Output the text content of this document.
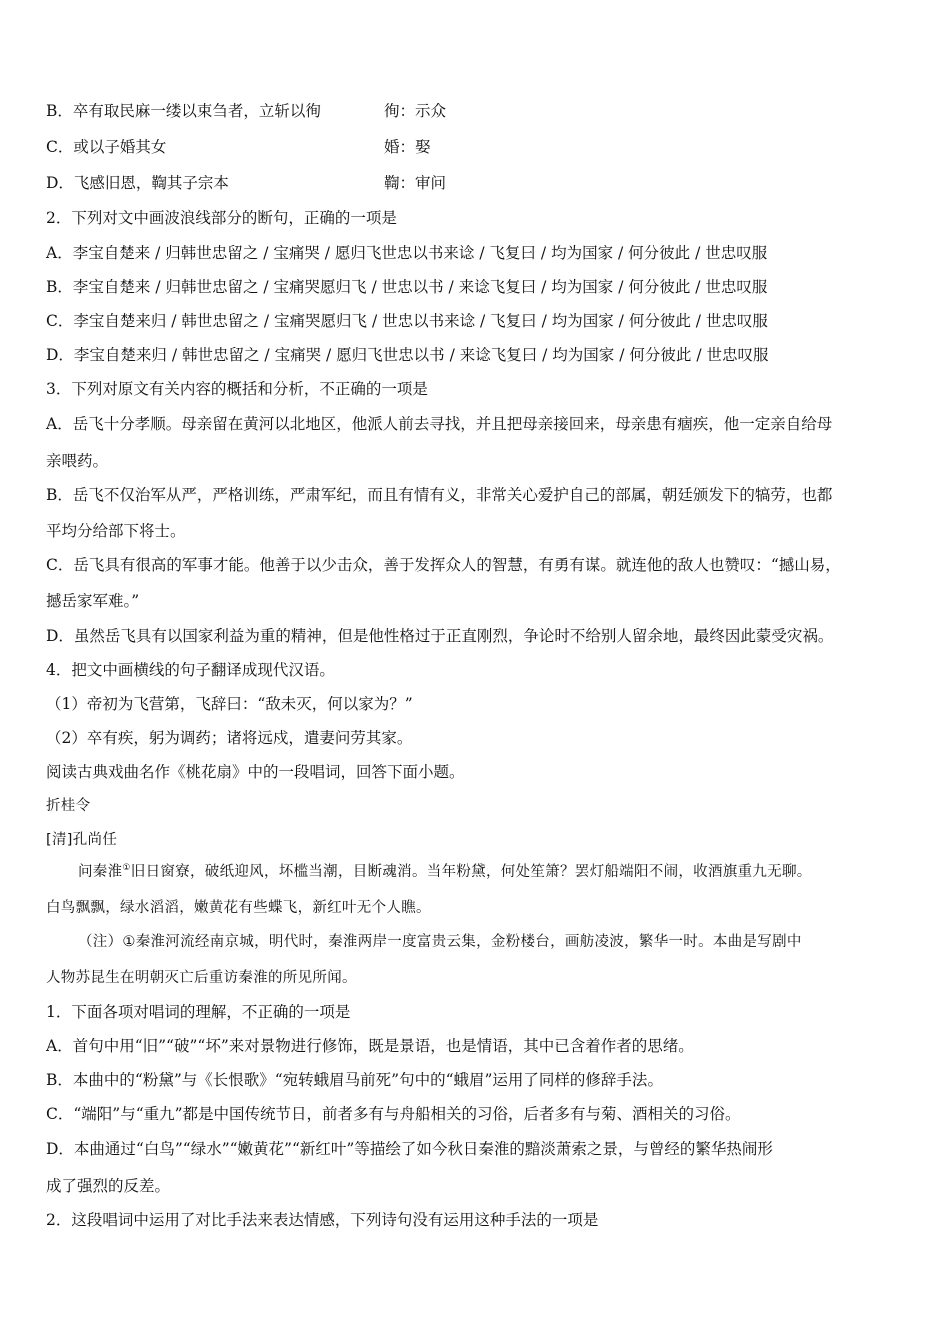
B．卒有取民麻一缕以束刍者，立斩以徇	徇：示众
C．或以子婚其女	婚：娶
D．飞感旧恩，鞫其子宗本	鞫：审问
2．下列对文中画波浪线部分的断句，正确的一项是
A．李宝自楚来 / 归韩世忠留之 / 宝痛哭 / 愿归飞世忠以书来谂 / 飞复曰 / 均为国家 / 何分彼此 / 世忠叹服
B．李宝自楚来 / 归韩世忠留之 / 宝痛哭愿归飞 / 世忠以书 / 来谂飞复曰 / 均为国家 / 何分彼此 / 世忠叹服
C．李宝自楚来归 / 韩世忠留之 / 宝痛哭愿归飞 / 世忠以书来谂 / 飞复曰 / 均为国家 / 何分彼此 / 世忠叹服
D．李宝自楚来归 / 韩世忠留之 / 宝痛哭 / 愿归飞世忠以书 / 来谂飞复曰 / 均为国家 / 何分彼此 / 世忠叹服
3．下列对原文有关内容的概括和分析，不正确的一项是
A．岳飞十分孝顺。母亲留在黄河以北地区，他派人前去寻找，并且把母亲接回来，母亲患有痼疾，他一定亲自给母
亲喂药。
B．岳飞不仅治军从严，严格训练，严肃军纪，而且有情有义，非常关心爱护自己的部属，朝廷颁发下的犒劳，也都
平均分给部下将士。
C．岳飞具有很高的军事才能。他善于以少击众，善于发挥众人的智慧，有勇有谋。就连他的敌人也赞叹：“撼山易，
撼岳家军难。”
D．虽然岳飞具有以国家利益为重的精神，但是他性格过于正直刚烈，争论时不给别人留余地，最终因此蒙受灾祸。
4．把文中画横线的句子翻译成现代汉语。
（1）帝初为飞营第，飞辞曰：“敌未灭，何以家为？”
（2）卒有疾，躬为调药；诸将远戍，遣妻问劳其家。
阅读古典戏曲名作《桃花扇》中的一段唱词，回答下面小题。
折桂令
[清]孔尚任
问秦淮①旧日窗寮，破纸迎风，坏槛当潮，目断魂消。当年粉黛，何处笙箫？罢灯船端阳不闹，收酒旗重九无聊。
白鸟飘飘，绿水滔滔，嫩黄花有些蝶飞，新红叶无个人瞧。
（注）①秦淮河流经南京城，明代时，秦淮两岸一度富贵云集，金粉楼台，画舫凌波，繁华一时。本曲是写剧中
人物苏昆生在明朝灭亡后重访秦淮的所见所闻。
1．下面各项对唱词的理解，不正确的一项是
A．首句中用“旧”“破”“坏”来对景物进行修饰，既是景语，也是情语，其中已含着作者的思绪。
B．本曲中的“粉黛”与《长恨歌》“宛转蛾眉马前死”句中的“蛾眉”运用了同样的修辞手法。
C．“端阳”与“重九”都是中国传统节日，前者多有与舟船相关的习俗，后者多有与菊、酒相关的习俗。
D．本曲通过“白鸟”“绿水”“嫩黄花”“新红叶”等描绘了如今秋日秦淮的黯淡萧索之景，与曾经的繁华热闹形
成了强烈的反差。
2．这段唱词中运用了对比手法来表达情感，下列诗句没有运用这种手法的一项是
